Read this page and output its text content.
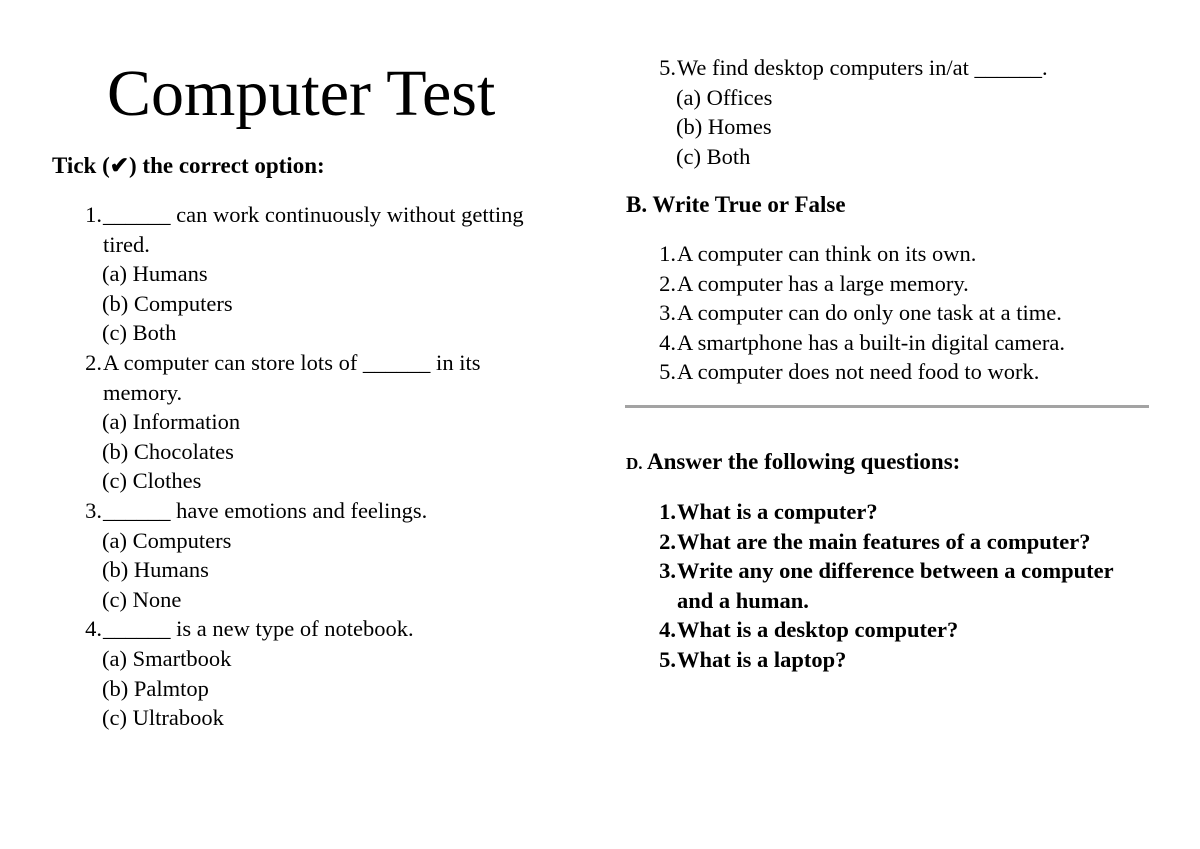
Computer Test
Tick (✔) the correct option:
1. ______ can work continuously without getting tired.
(a) Humans
(b) Computers
(c) Both
2. A computer can store lots of ______ in its memory.
(a) Information
(b) Chocolates
(c) Clothes
3. ______ have emotions and feelings.
(a) Computers
(b) Humans
(c) None
4. ______ is a new type of notebook.
(a) Smartbook
(b) Palmtop
(c) Ultrabook
5. We find desktop computers in/at ______.
(a) Offices
(b) Homes
(c) Both
B. Write True or False
1. A computer can think on its own.
2. A computer has a large memory.
3. A computer can do only one task at a time.
4. A smartphone has a built-in digital camera.
5. A computer does not need food to work.
D. Answer the following questions:
1. What is a computer?
2. What are the main features of a computer?
3. Write any one difference between a computer and a human.
4. What is a desktop computer?
5. What is a laptop?
